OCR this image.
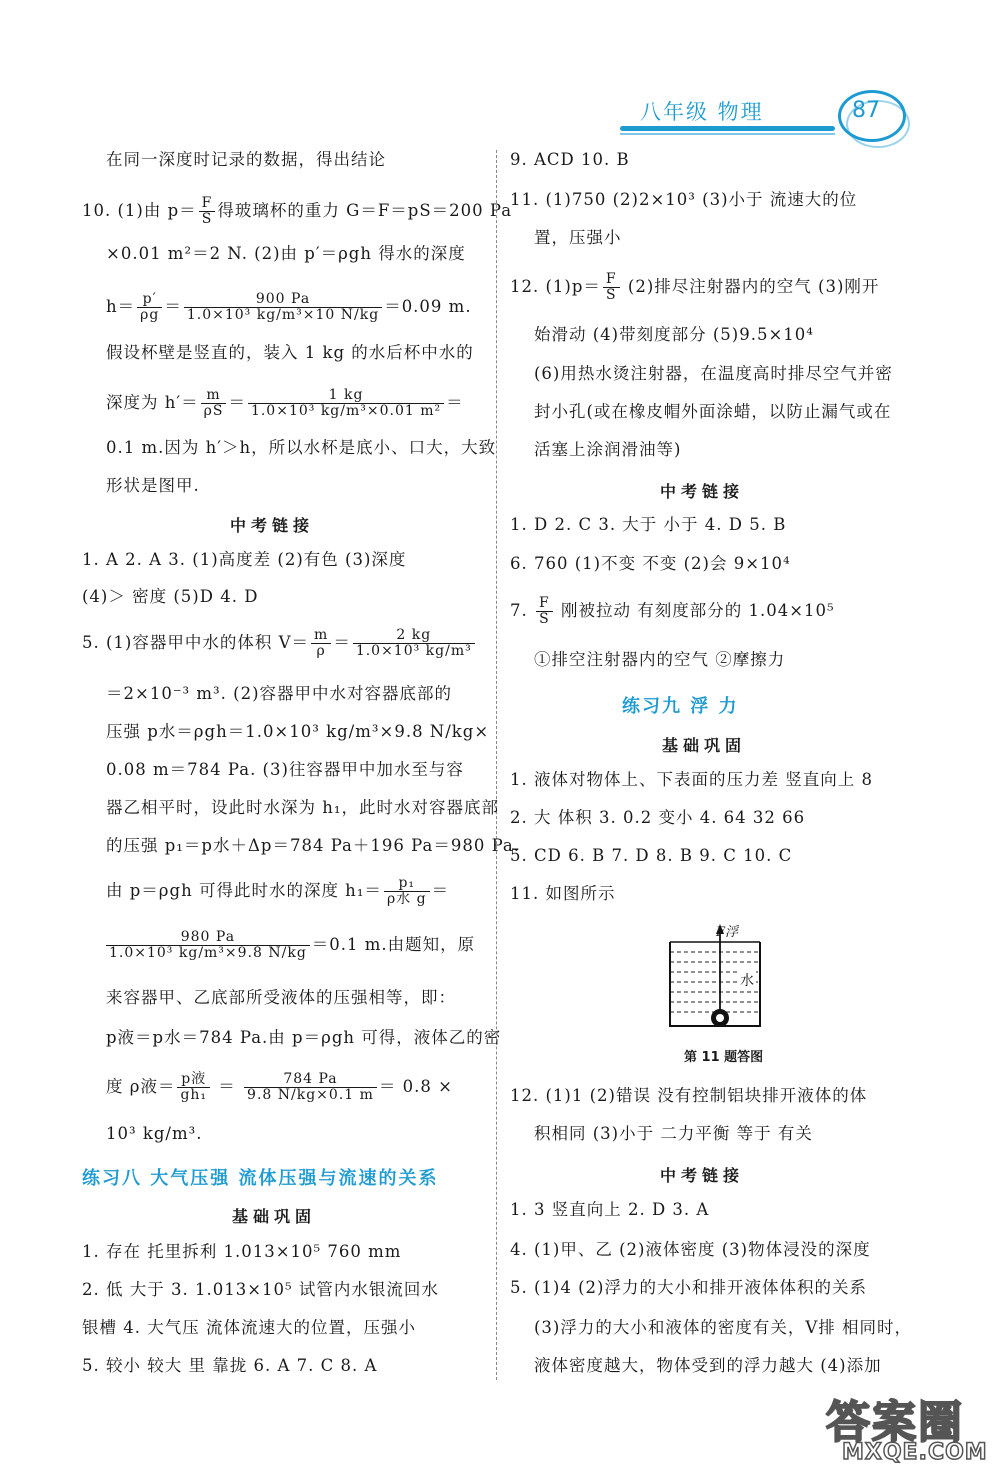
八年级 物理	87
在同一深度时记录的数据，得出结论
10. (1)由 $p= \frac{F}{S}$ 得玻璃杯的重力 G＝F＝pS＝200 Pa
×0.01 m²＝2 N. (2)由 p′＝ρgh 得水的深度
$h= \frac{p'}{\rho g} = \frac{900 Pa}{\text{1.0×10³ kg/m³×10 N/kg}} =0.09$ m.
假设杯壁是竖直的，装入 1 kg 的水后杯中水的
深度为 $h'= \frac{m}{\rho S} = \frac{1 kg}{\text{1.0×10³ kg/m³×0.01 m²}}$ ＝
0.1 m.因为 h′＞h，所以水杯是底小、口大，大致
形状是图甲.
中考链接
1. A 2. A 3. (1)高度差 (2)有色 (3)深度
(4)＞ 密度 (5)D 4. D
5. (1)容器甲中水的体积 $V= \frac{m}{\rho} = \frac{2 kg}{\text{1.0×10³ kg/m³}}$
＝2×10⁻³ m³. (2)容器甲中水对容器底部的
压强 p水＝ρgh＝1.0×10³ kg/m³×9.8 N/kg×
0.08 m＝784 Pa. (3)往容器甲中加水至与容
器乙相平时，设此时水深为 h₁，此时水对容器底部
的压强 p₁＝p水＋Δp＝784 Pa＋196 Pa＝980 Pa.
由 p＝ρgh 可得此时水的深度 $h_1= \frac{\text{p₁}}{\text{ρ水 g}}$ ＝
$\frac{980 Pa}{\text{1.0×10³ kg/m³×9.8 N/kg}} =0.1$ m.由题知，原
来容器甲、乙底部所受液体的压强相等，即：
p液＝p水＝784 Pa.由 p＝ρgh 可得，液体乙的密
度 ρ液＝ $\frac{\text{p液}}{\text{gh₁}} = \frac{784 Pa}{9.8 N/kg\times 0.1 m} = 0.8$ ×
10³ kg/m³.
练习八 大气压强 流体压强与流速的关系
基础巩固
1. 存在 托里拆利 1.013×10⁵ 760 mm
2. 低 大于 3. 1.013×10⁵ 试管内水银流回水
银槽 4. 大气压 流体流速大的位置，压强小
5. 较小 较大 里 靠拢 6. A 7. C 8. A
9. ACD 10. B
11. (1)750 (2)2×10³ (3)小于 流速大的位
置，压强小
12. $(1)p= \frac{F}{S} (2)$排尽注射器内的空气 (3)刚开
始滑动 (4)带刻度部分 (5)9.5×10⁴
(6)用热水烫注射器，在温度高时排尽空气并密
封小孔(或在橡皮帽外面涂蜡，以防止漏气或在
活塞上涂润滑油等)
中考链接
1. D 2. C 3. 大于 小于 4. D 5. B
6. 760 (1)不变 不变 (2)会 9×10⁴
7. $\frac{F}{S}$ 刚被拉动 有刻度部分的 1.04×10⁵
①排空注射器内的空气 ②摩擦力
练习九 浮 力
基础巩固
1. 液体对物体上、下表面的压力差 竖直向上 8
2. 大 体积 3. 0.2 变小 4. 64 32 66
5. CD 6. B 7. D 8. B 9. C 10. C
11. 如图所示
F浮
水
第 11 题答图
12. (1)1 (2)错误 没有控制铝块排开液体的体
积相同 (3)小于 二力平衡 等于 有关
中考链接
1. 3 竖直向上 2. D 3. A
4. (1)甲、乙 (2)液体密度 (3)物体浸没的深度
5. (1)4 (2)浮力的大小和排开液体体积的关系
(3)浮力的大小和液体的密度有关，V排 相同时，
液体密度越大，物体受到的浮力越大 (4)添加
答案圈
MXQE.COM
